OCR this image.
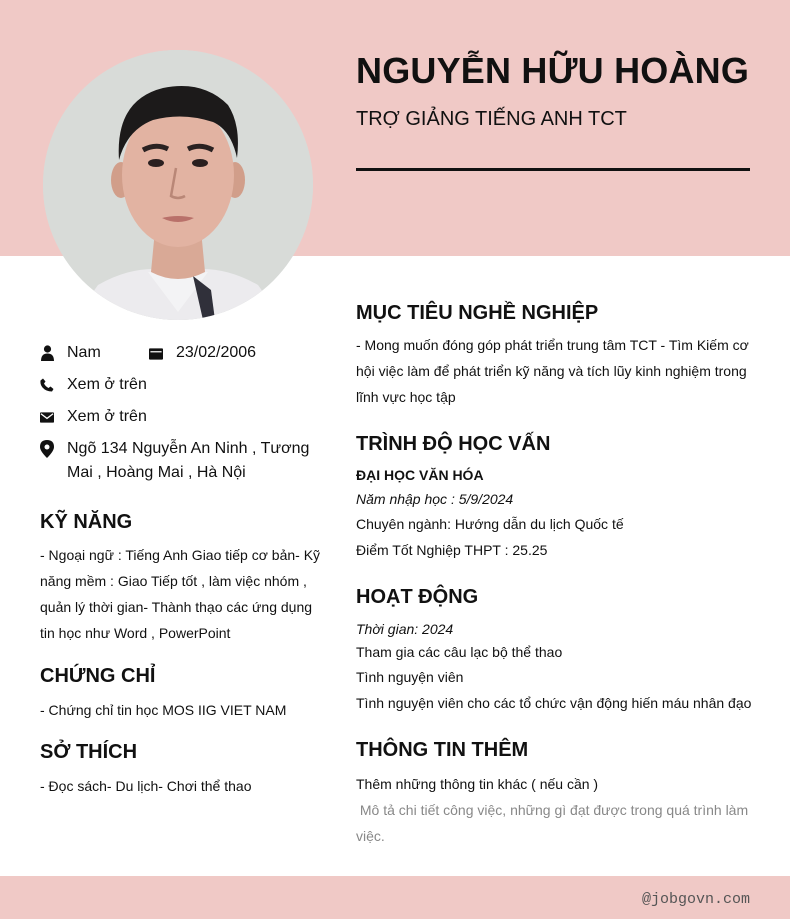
NGUYỄN HỮU HOÀNG
TRỢ GIẢNG TIẾNG ANH TCT
Nam	23/02/2006
Xem ở trên
Xem ở trên
Ngõ 134 Nguyễn An Ninh , Tương Mai , Hoàng Mai , Hà Nội
KỸ NĂNG

- Ngoại ngữ : Tiếng Anh Giao tiếp cơ bản- Kỹ năng mềm : Giao Tiếp tốt , làm việc nhóm , quản lý thời gian- Thành thạo các ứng dụng tin học như Word , PowerPoint

CHỨNG CHỈ

- Chứng chỉ tin học MOS IIG VIET NAM

SỞ THÍCH

- Đọc sách- Du lịch- Chơi thể thao

MỤC TIÊU NGHỀ NGHIỆP

- Mong muốn đóng góp phát triển trung tâm TCT - Tìm Kiếm cơ hội việc làm để phát triển kỹ năng và tích lũy kinh nghiệm trong lĩnh vực học tập

TRÌNH ĐỘ HỌC VẤN

ĐẠI HỌC VĂN HÓA

Năm nhập học : 5/9/2024

Chuyên ngành: Hướng dẫn du lịch Quốc tế

Điểm Tốt Nghiệp THPT : 25.25

HOẠT ĐỘNG

Thời gian: 2024

Tham gia các câu lạc bộ thể thao

Tình nguyện viên

Tình nguyện viên cho các tổ chức vận động hiến máu nhân đạo

THÔNG TIN THÊM

Thêm những thông tin khác ( nếu cần )

Mô tả chi tiết công việc, những gì đạt được trong quá trình làm việc.

@jobgovn.com
